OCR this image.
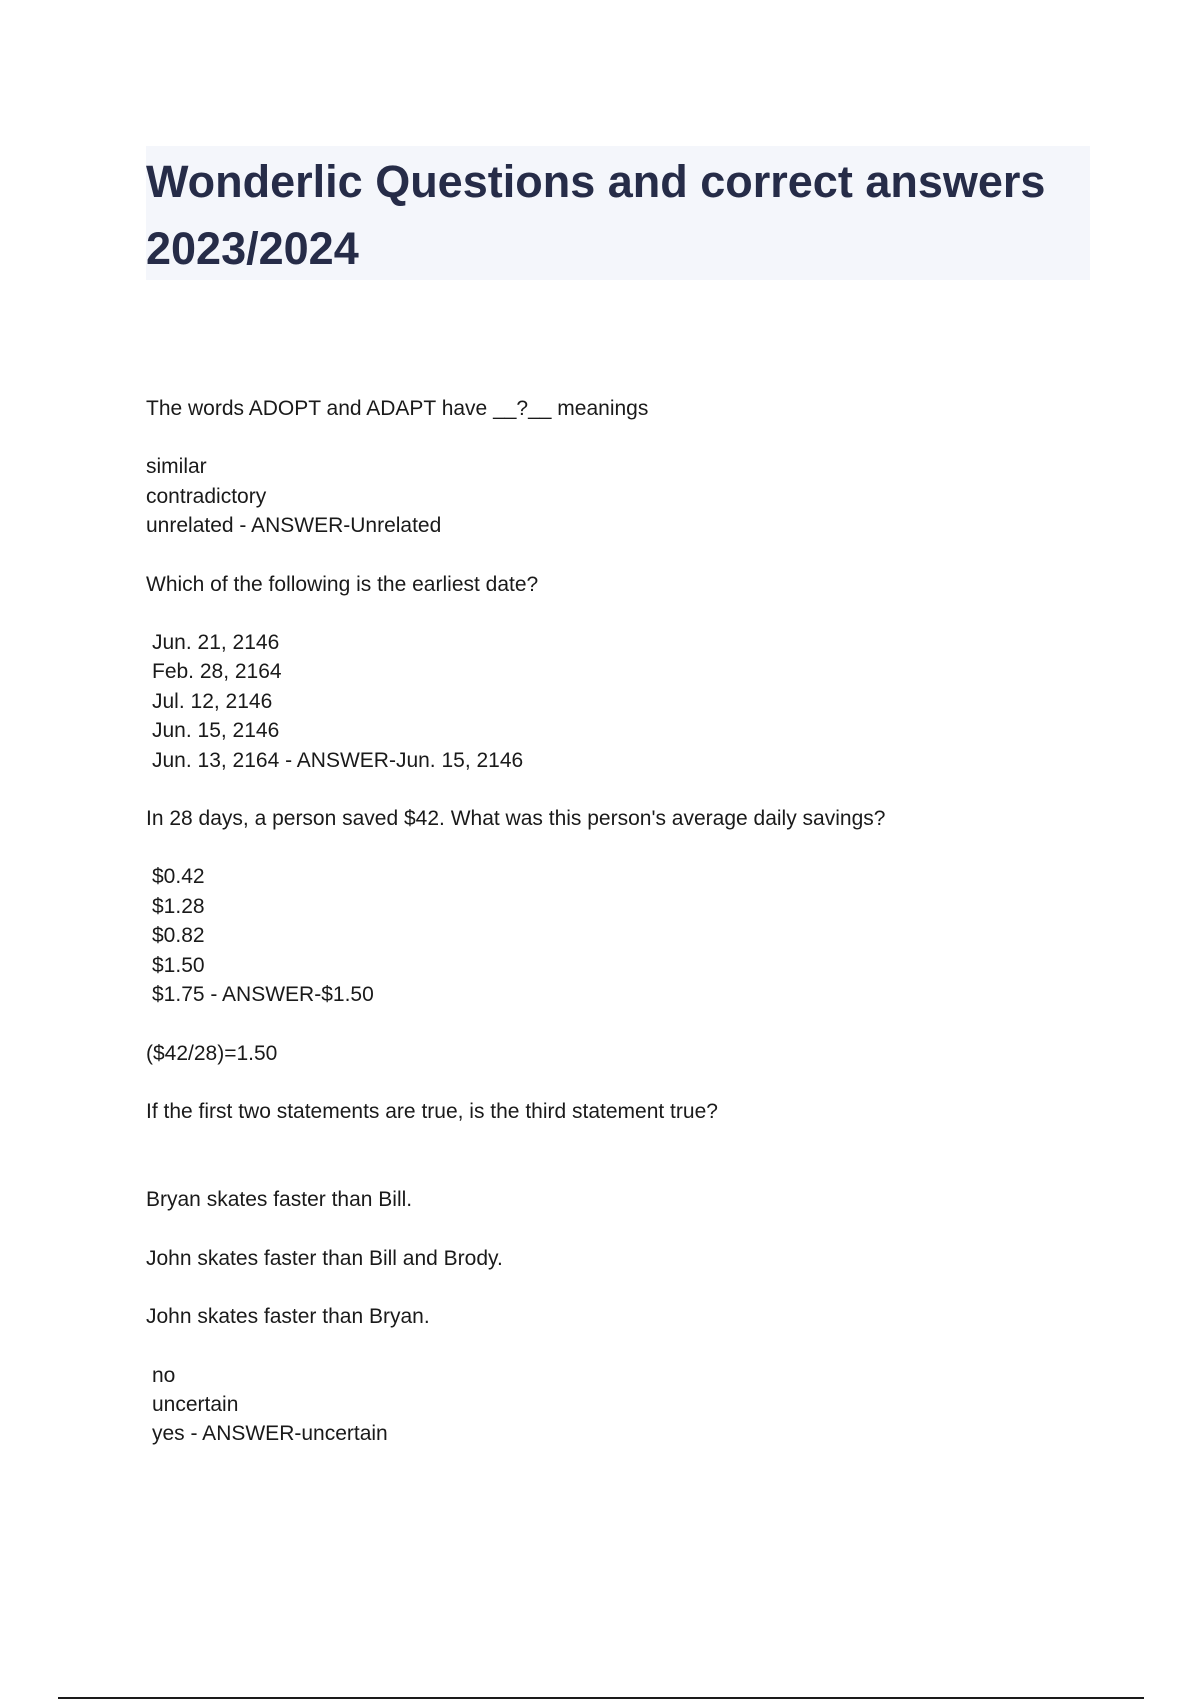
Wonderlic Questions and correct answers
2023/2024
The words ADOPT and ADAPT have __?__ meanings
similar
contradictory
unrelated - ANSWER-Unrelated
Which of the following is the earliest date?
Jun. 21, 2146
Feb. 28, 2164
Jul. 12, 2146
Jun. 15, 2146
Jun. 13, 2164 - ANSWER-Jun. 15, 2146
In 28 days, a person saved $42. What was this person's average daily savings?
$0.42
$1.28
$0.82
$1.50
$1.75 - ANSWER-$1.50
($42/28)=1.50
If the first two statements are true, is the third statement true?
Bryan skates faster than Bill.
John skates faster than Bill and Brody.
John skates faster than Bryan.
no
uncertain
yes - ANSWER-uncertain
